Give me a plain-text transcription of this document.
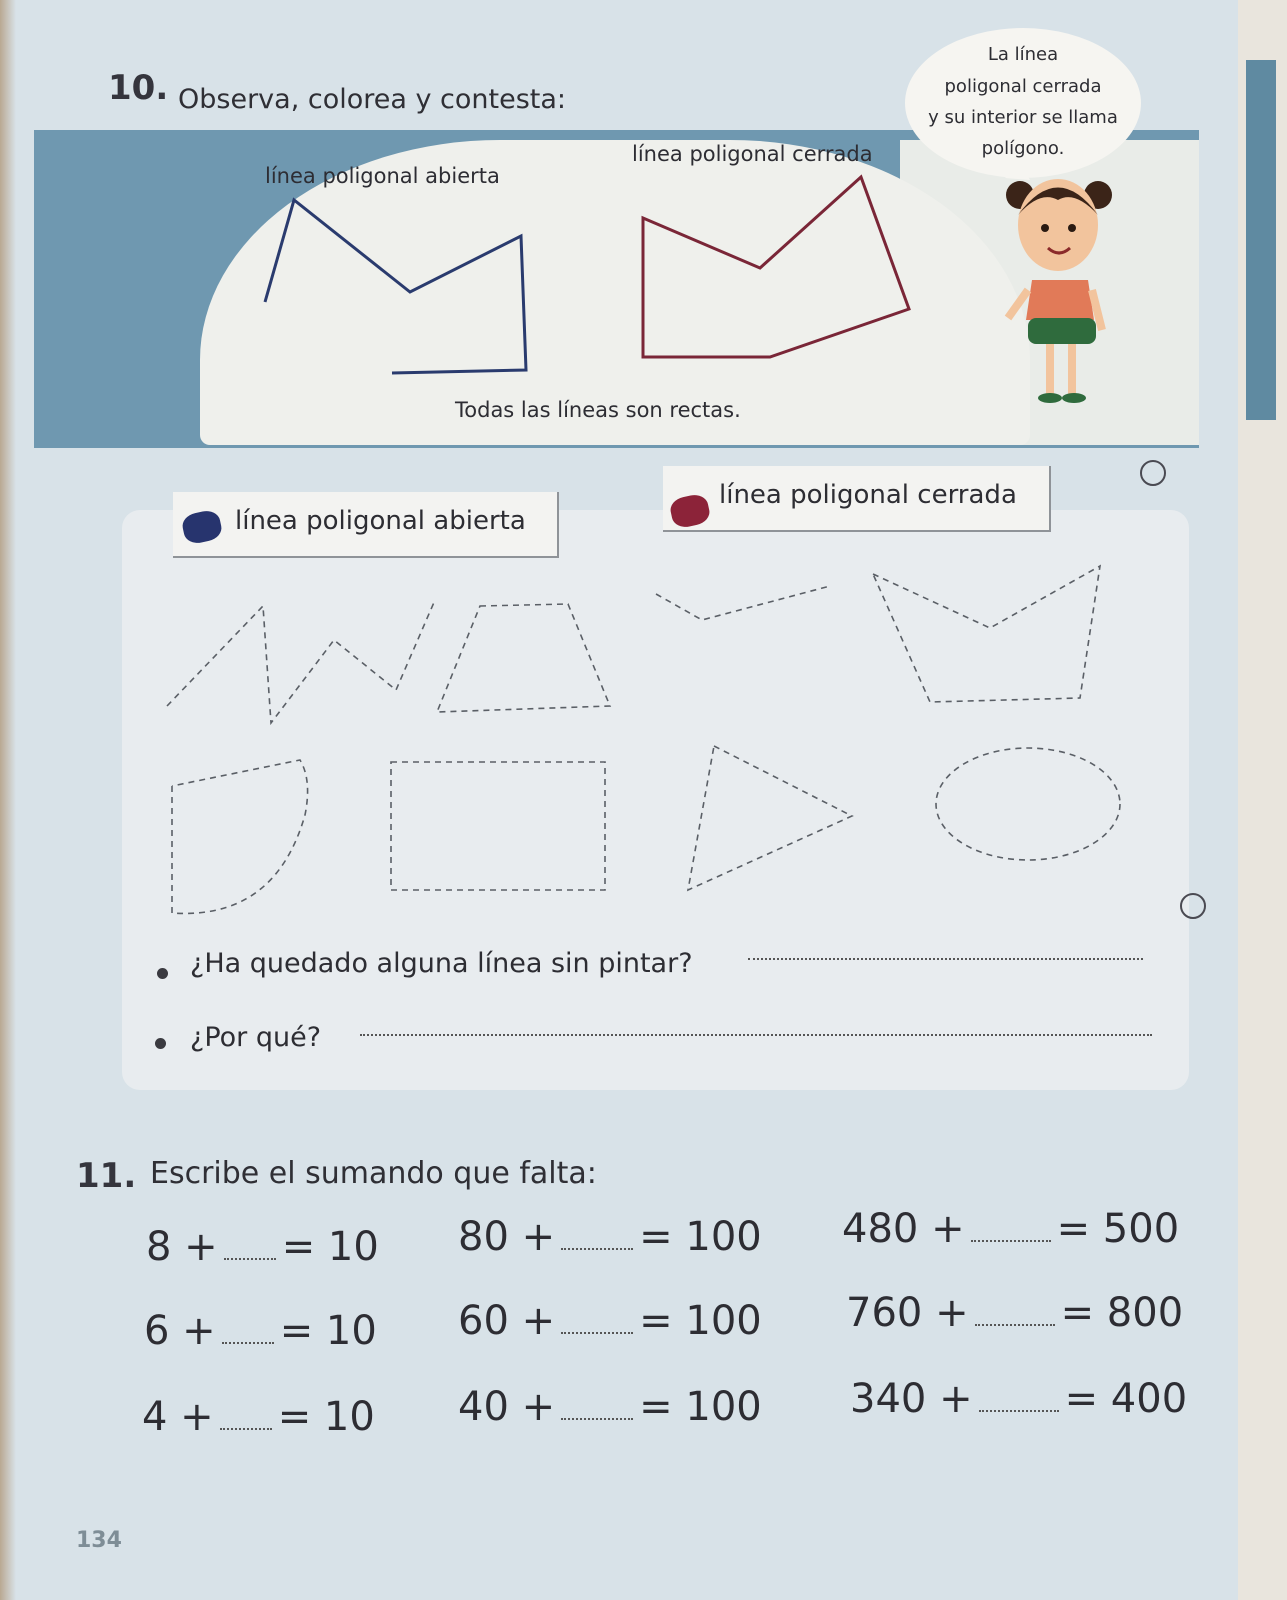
10. Observa, colorea y contesta:
línea poligonal abierta
línea poligonal cerrada
Todas las líneas son rectas.
La línea
poligonal cerrada
y su interior se llama
polígono.
línea poligonal abierta
línea poligonal cerrada
¿Ha quedado alguna línea sin pintar?
¿Por qué?
11. Escribe el sumando que falta:
8 + = 10
6 + = 10
4 + = 10
80 + = 100
60 + = 100
40 + = 100
480 + = 500
760 + = 800
340 + = 400
134
